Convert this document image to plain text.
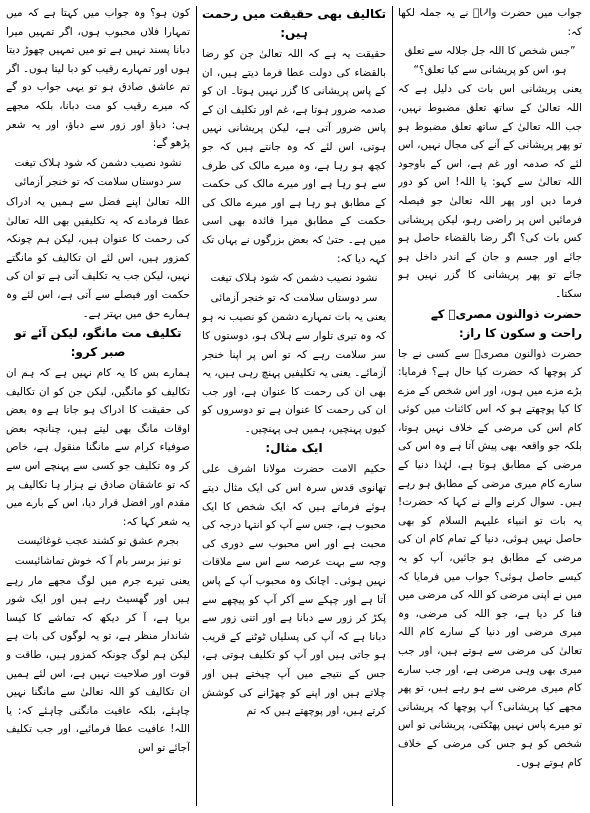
جواب میں حضرت والاؒ نے یہ جملہ لکھا کہ:

”جس شخص کا اللہ جل جلالہ سے تعلق ہو، اس کو پریشانی سے کیا تعلق؟“

یعنی پریشانی اس بات کی دلیل ہے کہ اللہ تعالیٰ کے ساتھ تعلق مضبوط نہیں، جب اللہ تعالیٰ کے ساتھ تعلق مضبوط ہو تو پھر پریشانی کے آنے کی مجال نہیں، اس لئے کہ صدمہ اور غم ہے، اس کے باوجود اللہ تعالیٰ سے کہو: یا اللہ! اس کو دور فرما دیں اور پھر اللہ تعالیٰ جو فیصلہ فرمائیں اس پر راضی رہو، لیکن پریشانی کس بات کی؟ اگر رضا بالقضاء حاصل ہو جائے اور جسم و جان کے اندر داخل ہو جائے تو پھر پریشانی کا گزر نہیں ہو سکتا۔

حضرت ذوالنون مصریؒ کے راحت و سکون کا راز:

حضرت ذوالنون مصریؒ سے کسی نے جا کر پوچھا کہ حضرت کیا حال ہے؟ فرمایا: بڑے مزے میں ہوں، اور اس شخص کے مزے کا کیا پوچھتے ہو کہ اس کائنات میں کوئی کام اس کی مرضی کے خلاف نہیں ہوتا، بلکہ جو واقعہ بھی پیش آتا ہے وہ اس کی مرضی کے مطابق ہوتا ہے، لہٰذا دنیا کے سارے کام میری مرضی کے مطابق ہو رہے ہیں۔ سوال کرنے والے نے کہا کہ حضرت! یہ بات تو انبیاء علیہم السلام کو بھی حاصل نہیں ہوئی، دنیا کے تمام کام ان کی مرضی کے مطابق ہو جائیں، آپ کو یہ کیسے حاصل ہوئی؟ جواب میں فرمایا کہ میں نے اپنی مرضی کو اللہ کی مرضی میں فنا کر دیا ہے، جو اللہ کی مرضی، وہ میری مرضی اور دنیا کے سارے کام اللہ تعالیٰ کی مرضی سے ہوتے ہیں، اور جب میری بھی وہی مرضی ہے، اور جب سارے کام میری مرضی سے ہو رہے ہیں، تو پھر مجھے کیا پریشانی؟ آپ پوچھا کہ پریشانی تو میرے پاس نہیں پھٹکتی، پریشانی تو اس شخص کو ہو جس کی مرضی کے خلاف کام ہوتے ہوں۔

تکالیف بھی حقیقت میں رحمت ہیں:

حقیقت یہ ہے کہ اللہ تعالیٰ جن کو رضا بالقضاء کی دولت عطا فرما دیتے ہیں، ان کے پاس پریشانی کا گزر نہیں ہوتا۔ ان کو صدمہ ضرور ہوتا ہے، غم اور تکلیف ان کے پاس ضرور آتی ہے، لیکن پریشانی نہیں ہوتی، اس لئے کہ وہ جانتے ہیں کہ جو کچھ ہو رہا ہے، وہ میرے مالک کی طرف سے ہو رہا ہے اور میرے مالک کی حکمت کے مطابق ہو رہا ہے اور میرے مالک کی حکمت کے مطابق میرا فائدہ بھی اسی میں ہے۔ حتیٰ کہ بعض بزرگوں نے یہاں تک کہہ دیا کہ:

نشود نصیب دشمن کہ شود ہلاک تیغت

سر دوستاں سلامت کہ تو خنجر آزمائی

یعنی یہ بات تمہارے دشمن کو نصیب نہ ہو کہ وہ تیری تلوار سے ہلاک ہو، دوستوں کا سر سلامت رہے کہ تو اس پر اپنا خنجر آزمائے۔ یعنی یہ تکلیفیں پہنچ رہی ہیں، یہ بھی ان کی رحمت کا عنوان ہے، اور جب ان کی رحمت کا عنوان ہے تو دوسروں کو کیوں پہنچیں، ہمیں ہی پہنچیں۔

ایک مثال:

حکیم الامت حضرت مولانا اشرف علی تھانوی قدس سرہ اس کی ایک مثال دیتے ہوئے فرماتے ہیں کہ ایک شخص کا ایک محبوب ہے، جس سے آپ کو انتہا درجہ کی محبت ہے اور اس محبوب سے دوری کی وجہ سے بہت عرصہ سے اس سے ملاقات نہیں ہوئی۔ اچانک وہ محبوب آپ کے پاس آتا ہے اور چپکے سے آکر آپ کو پیچھے سے پکڑ کر زور سے دبانا ہے اور اتنی زور سے دبانا ہے کہ آپ کی پسلیاں ٹوٹنے کے قریب ہو جاتی ہیں اور آپ کو تکلیف ہوتی ہے، جس کے نتیجے میں آپ چیختے ہیں اور چلاتے ہیں اور اپنے کو چھڑانے کی کوشش کرتے ہیں، اور پوچھتے ہیں کہ تم

کون ہو؟ وہ جواب میں کہتا ہے کہ میں تمہارا فلاں محبوب ہوں، اگر تمہیں میرا دبانا پسند نہیں ہے تو میں تمہیں چھوڑ دیتا ہوں اور تمہارے رقیب کو دبا لیتا ہوں۔ اگر تم عاشق صادق ہو تو یہی جواب دو گے کہ میرے رقیب کو مت دبانا، بلکہ مجھے ہی: دباؤ اور زور سے دباؤ، اور یہ شعر پڑھو گے:

نشود نصیب دشمن کہ شود ہلاک تیغت

سر دوستاں سلامت کہ تو خنجر آزمائی

اللہ تعالیٰ اپنے فضل سے ہمیں یہ ادراک عطا فرمادے کہ یہ تکلیفیں بھی اللہ تعالیٰ کی رحمت کا عنوان ہیں، لیکن ہم چونکہ کمزور ہیں، اس لئے ان تکالیف کو مانگتے نہیں، لیکن جب یہ تکلیف آتی ہے تو ان کی حکمت اور فیصلے سے آتی ہے، اس لئے وہ ہمارے حق میں بہتر ہے۔

تکلیف مت مانگو، لیکن آئے تو صبر کرو:

ہمارے بس کا یہ کام نہیں ہے کہ ہم ان تکالیف کو مانگیں، لیکن جن کو ان تکالیف کی حقیقت کا ادراک ہو جاتا ہے وہ بعض اوقات مانگ بھی لیتے ہیں، چنانچہ بعض صوفیاء کرام سے مانگنا منقول ہے، خاص کر وہ تکلیف جو کسی سے پہنچے اس سے کہ تو عاشقان صادق نے ہزار ہا تکالیف پر مقدم اور افضل قرار دیا، اس کے بارے میں یہ شعر کہا کہ:

بجرم عشق تو کشند عجب غوغائیست

تو نیز برسر بام آ کہ خوش تماشائیست

یعنی تیرے جرم میں لوگ مجھے مار رہے ہیں اور گھسیٹ رہے ہیں اور ایک شور برپا ہے، آ کر دیکھ کہ تماشے کا کیسا شاندار منظر ہے، تو یہ لوگوں کی بات ہے لیکن ہم لوگ چونکہ کمزور ہیں، طاقت و قوت اور صلاحیت نہیں ہے، اس لئے ہمیں ان تکالیف کو اللہ تعالیٰ سے مانگنا نہیں چاہئے، بلکہ عافیت مانگنی چاہئے کہ: یا اللہ! عافیت عطا فرمائیے، اور جب تکلیف آجائے تو اس
